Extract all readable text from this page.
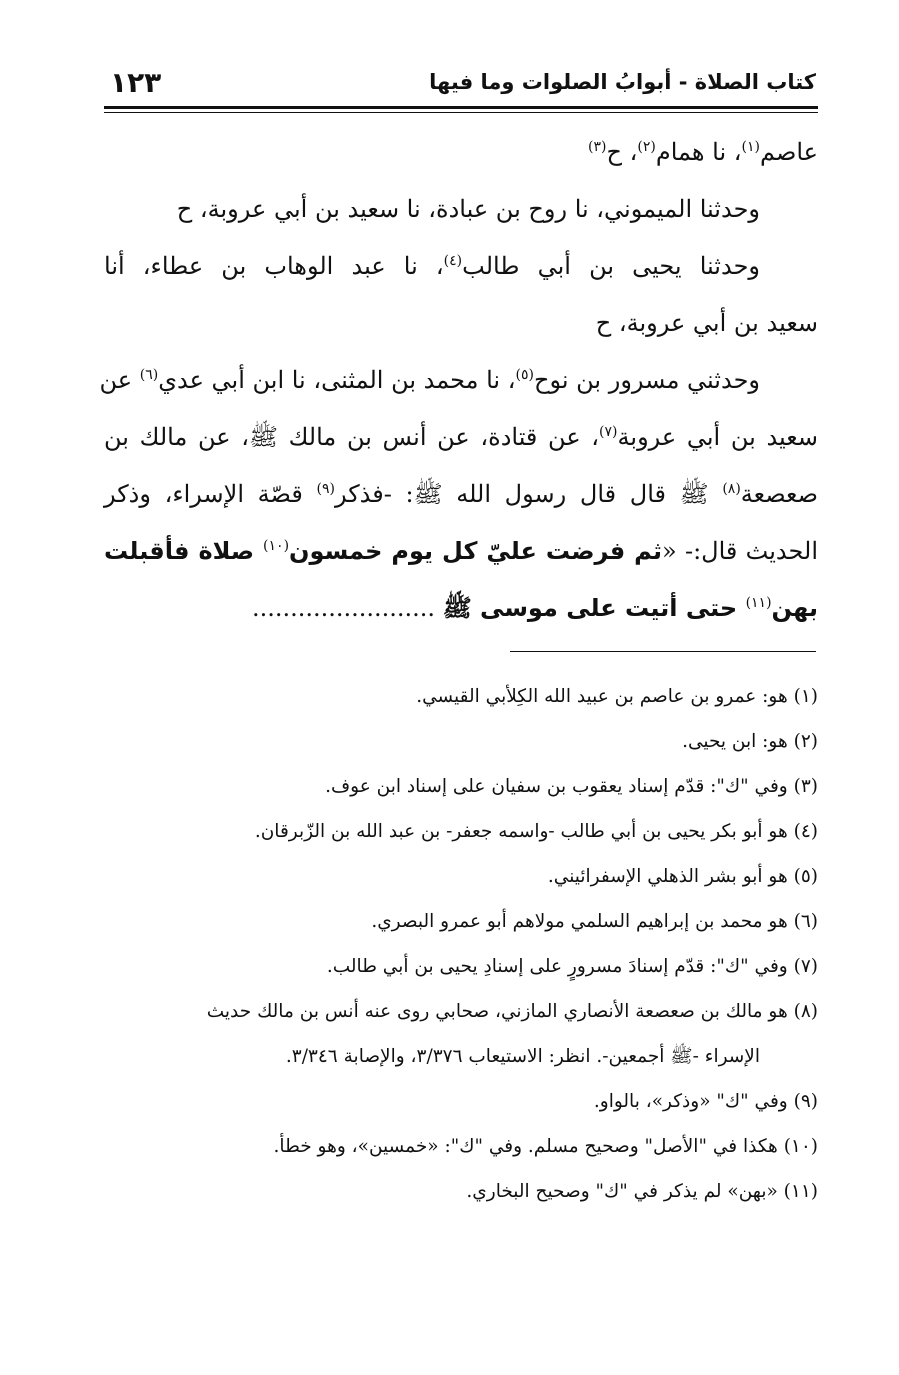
كتاب الصلاة - أبوابُ الصلوات وما فيها
١٢٣
عاصم$^{(١)}$، نا همام$^{(٢)}$، ح$^{(٣)}$
وحدثنا الميموني، نا روح بن عبادة، نا سعيد بن أبي عروبة، ح
وحدثنا يحيى بن أبي طالب$^{(٤)}$، نا عبد الوهاب بن عطاء، أنا
سعيد بن أبي عروبة، ح
وحدثني مسرور بن نوح$^{(٥)}$، نا محمد بن المثنى، نا ابن أبي عدي$^{(٦)}$ عن
سعيد بن أبي عروبة$^{(٧)}$، عن قتادة، عن أنس بن مالك ﷺ، عن مالك بن
صعصعة$^{(٨)}$ ﷺ قال قال رسول الله ﷺ: -فذكر$^{(٩)}$ قصّة الإسراء، وذكر
الحديث قال:- «ثم فرضت عليّ كل يوم خمسون$^{(١٠)}$ صلاة فأقبلت
بهن$^{(١١)}$ حتى أتيت على موسى ﷺ ........................
(١) هو: عمرو بن عاصم بن عبيد الله الكِلأبي القيسي.
(٢) هو: ابن يحيى.
(٣) وفي "ك": قدّم إسناد يعقوب بن سفيان على إسناد ابن عوف.
(٤) هو أبو بكر يحيى بن أبي طالب -واسمه جعفر- بن عبد الله بن الزّبرقان.
(٥) هو أبو بشر الذهلي الإسفرائيني.
(٦) هو محمد بن إبراهيم السلمي مولاهم أبو عمرو البصري.
(٧) وفي "ك": قدّم إسنادَ مسرورٍ على إسنادِ يحيى بن أبي طالب.
(٨) هو مالك بن صعصعة الأنصاري المازني، صحابي روى عنه أنس بن مالك حديث
الإسراء -ﷺ أجمعين-. انظر: الاستيعاب ٣/٣٧٦، والإصابة ٣/٣٤٦.
(٩) وفي "ك" «وذكر»، بالواو.
(١٠) هكذا في "الأصل" وصحيح مسلم. وفي "ك": «خمسين»، وهو خطأ.
(١١) «بهن» لم يذكر في "ك" وصحيح البخاري.
